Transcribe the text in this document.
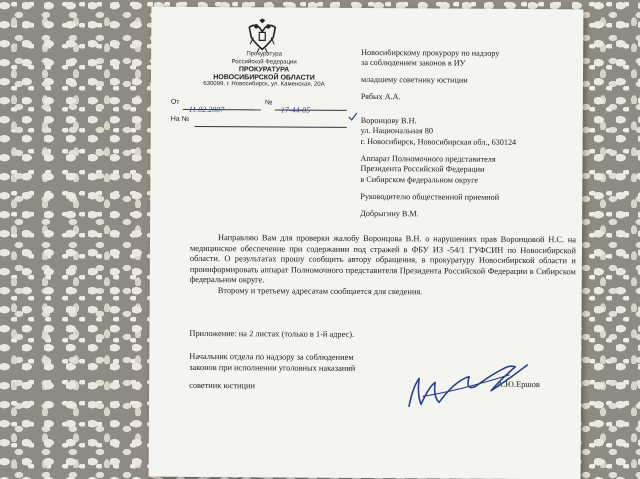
Прокуратура
Российской Федерации
ПРОКУРАТУРА
НОВОСИБИРСКОЙ ОБЛАСТИ
630099, г. Новосибирск, ул. Каменская, 20А
От
11.02.2007
№
17-44-05
На №
Новосибирскому прокурору по надзору
за соблюдением законов в ИУ
младшему советнику юстиции
Рябых А.А.
Воронцову В.Н.
ул. Национальная 80
г. Новосибирск, Новосибирская обл., 630124
Аппарат Полномочного представителя
Президента Российской Федерации
в Сибирском федеральном округе
Руководителю общественной приемной
Добрыгину В.М.

Направляю Вам для проверки жалобу Воронцова В.Н. о нарушениях прав Воронцовой Н.С. на медицинское обеспечение при содержании под стражей в ФБУ ИЗ -54/1 ГУФСИН по Новосибирской области. О результатах прошу сообщить автору обращения, в прокуратуру Новосибирской области и проинформировать аппарат Полномочного представителя Президента Российской Федерации в Сибирском федеральном округе.

Второму и третьему адресатам сообщается для сведения.

Приложение: на 2 листах (только в 1-й адрес).
Начальник отдела по надзору за соблюдением
законов при исполнении уголовных наказаний
советник юстиции	А.Ю.Ершов
